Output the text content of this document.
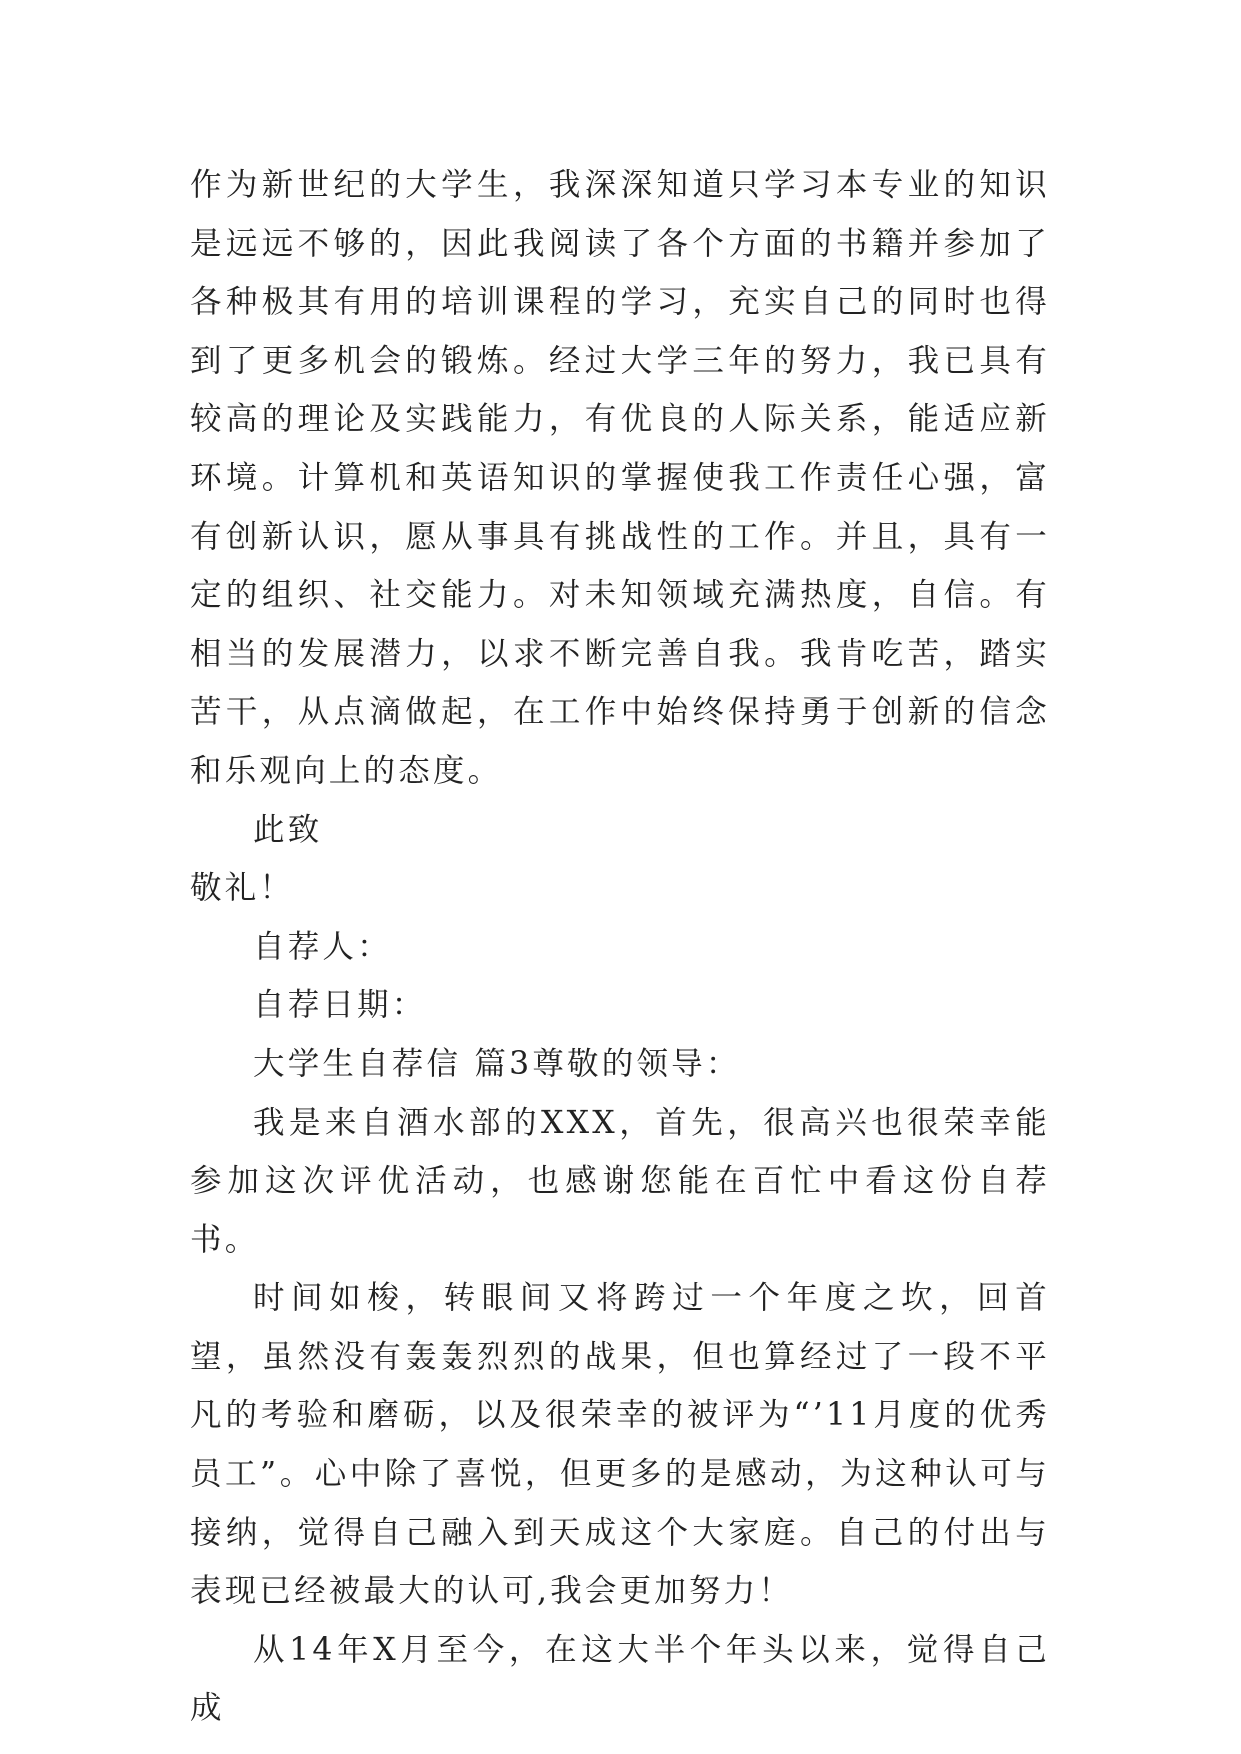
作为新世纪的大学生，我深深知道只学习本专业的知识是远远不够的，因此我阅读了各个方面的书籍并参加了各种极其有用的培训课程的学习，充实自己的同时也得到了更多机会的锻炼。经过大学三年的努力，我已具有较高的理论及实践能力，有优良的人际关系，能适应新环境。计算机和英语知识的掌握使我工作责任心强，富有创新认识，愿从事具有挑战性的工作。并且，具有一定的组织、社交能力。对未知领域充满热度，自信。有相当的发展潜力，以求不断完善自我。我肯吃苦，踏实苦干，从点滴做起，在工作中始终保持勇于创新的信念和乐观向上的态度。

此致

敬礼！

自荐人：

自荐日期：

大学生自荐信 篇3尊敬的领导：

我是来自酒水部的XXX，首先，很高兴也很荣幸能参加这次评优活动，也感谢您能在百忙中看这份自荐书。

时间如梭，转眼间又将跨过一个年度之坎，回首望，虽然没有轰轰烈烈的战果，但也算经过了一段不平凡的考验和磨砺，以及很荣幸的被评为“’11月度的优秀员工”。心中除了喜悦，但更多的是感动，为这种认可与接纳，觉得自己融入到天成这个大家庭。自己的付出与表现已经被最大的认可,我会更加努力！

从14年X月至今，在这大半个年头以来，觉得自己成
